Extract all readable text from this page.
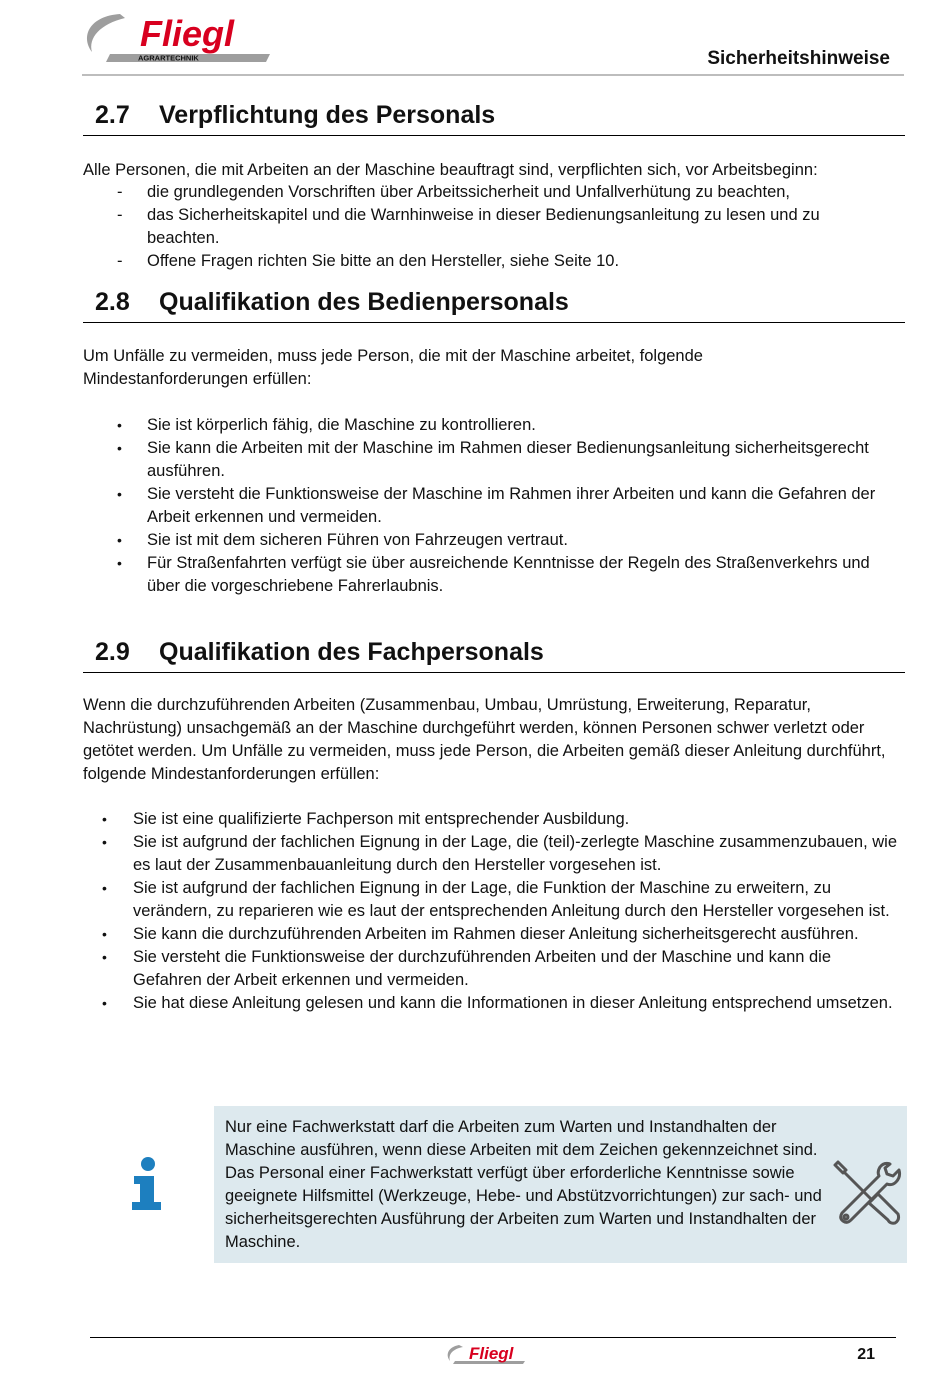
Fliegl
AGRARTECHNIK	Sicherheitshinweise
2.7 Verpflichtung des Personals
Alle Personen, die mit Arbeiten an der Maschine beauftragt sind, verpflichten sich, vor Arbeitsbeginn:
- die grundlegenden Vorschriften über Arbeitssicherheit und Unfallverhütung zu beachten,
- das Sicherheitskapitel und die Warnhinweise in dieser Bedienungsanleitung zu lesen und zu beachten.
- Offene Fragen richten Sie bitte an den Hersteller, siehe Seite 10.
2.8 Qualifikation des Bedienpersonals
Um Unfälle zu vermeiden, muss jede Person, die mit der Maschine arbeitet, folgende Mindestanforderungen erfüllen:
• Sie ist körperlich fähig, die Maschine zu kontrollieren.
• Sie kann die Arbeiten mit der Maschine im Rahmen dieser Bedienungsanleitung sicherheitsgerecht ausführen.
• Sie versteht die Funktionsweise der Maschine im Rahmen ihrer Arbeiten und kann die Gefahren der Arbeit erkennen und vermeiden.
• Sie ist mit dem sicheren Führen von Fahrzeugen vertraut.
• Für Straßenfahrten verfügt sie über ausreichende Kenntnisse der Regeln des Straßenverkehrs und über die vorgeschriebene Fahrerlaubnis.
2.9 Qualifikation des Fachpersonals
Wenn die durchzuführenden Arbeiten (Zusammenbau, Umbau, Umrüstung, Erweiterung, Reparatur, Nachrüstung) unsachgemäß an der Maschine durchgeführt werden, können Personen schwer verletzt oder getötet werden. Um Unfälle zu vermeiden, muss jede Person, die Arbeiten gemäß dieser Anleitung durchführt, folgende Mindestanforderungen erfüllen:
• Sie ist eine qualifizierte Fachperson mit entsprechender Ausbildung.
• Sie ist aufgrund der fachlichen Eignung in der Lage, die (teil)-zerlegte Maschine zusammenzubauen, wie es laut der Zusammenbauanleitung durch den Hersteller vorgesehen ist.
• Sie ist aufgrund der fachlichen Eignung in der Lage, die Funktion der Maschine zu erweitern, zu verändern, zu reparieren wie es laut der entsprechenden Anleitung durch den Hersteller vorgesehen ist.
• Sie kann die durchzuführenden Arbeiten im Rahmen dieser Anleitung sicherheitsgerecht ausführen.
• Sie versteht die Funktionsweise der durchzuführenden Arbeiten und der Maschine und kann die Gefahren der Arbeit erkennen und vermeiden.
• Sie hat diese Anleitung gelesen und kann die Informationen in dieser Anleitung entsprechend umsetzen.
Nur eine Fachwerkstatt darf die Arbeiten zum Warten und Instandhalten der Maschine ausführen, wenn diese Arbeiten mit dem Zeichen gekennzeichnet sind. Das Personal einer Fachwerkstatt verfügt über erforderliche Kenntnisse sowie geeignete Hilfsmittel (Werkzeuge, Hebe- und Abstützvorrichtungen) zur sach- und sicherheitsgerechten Ausführung der Arbeiten zum Warten und Instandhalten der Maschine.
Fliegl	21
